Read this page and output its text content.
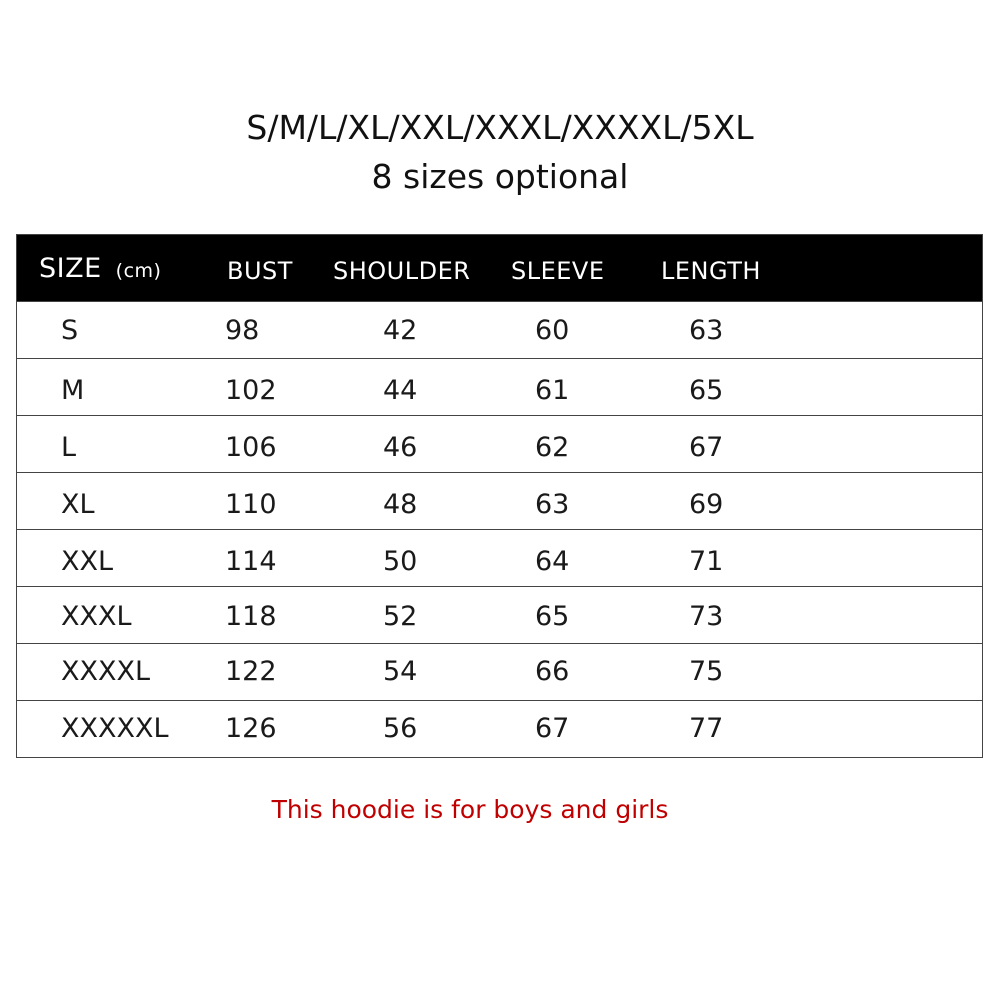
S/M/L/XL/XXL/XXXL/XXXXL/5XL
8 sizes optional
SIZE (cm)	BUST SHOULDER SLEEVE LENGTH
S	98	42	60	63
M	102	44	61	65
L	106	46	62	67
XL	110	48	63	69
XXL	114	50	64	71
XXXL	118	52	65	73
XXXXL	122	54	66	75
XXXXXL 126	56	67	77
This hoodie is for boys and girls
